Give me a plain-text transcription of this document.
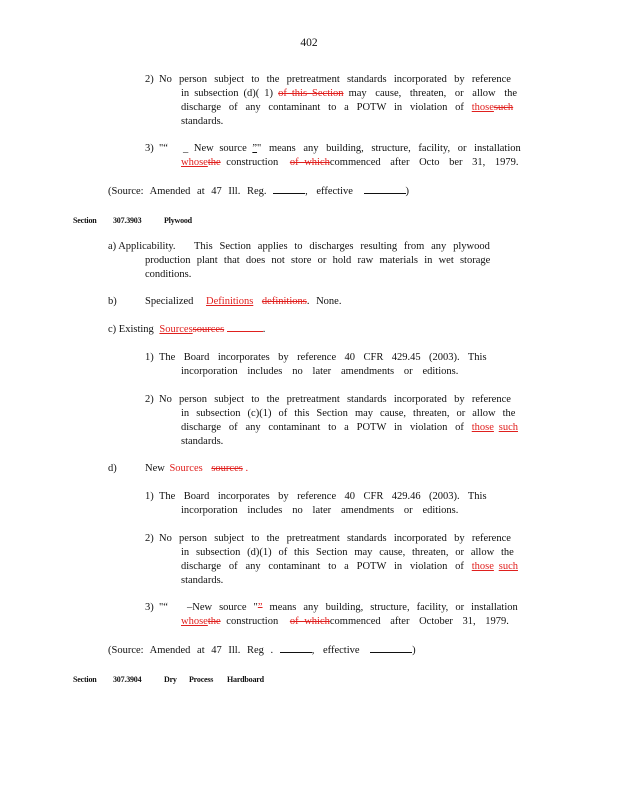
402
2) No person subject to the pretreatment standards incorporated by reference
in subsection (d)( 1) of this Section may cause, threaten, or allow the
discharge of any contaminant to a POTW in violation of thosesuch
standards.
3) "“ _ New source ”" means any building, structure, facility, or installation
whosethe construction of whichcommenced after Octo ber 31, 1979.
(Source: Amended at 47 Ill. Reg.	, effective	)
Section 307.3903	Plywood
a) Applicability. This Section applies to discharges resulting from any plywood
production plant that does not store or hold raw materials in wet storage
conditions.
b)	Specialized Definitions definitions. None.
c) Existing Sourcessources	.
1) The Board incorporates by reference 40 CFR 429.45 (2003). This
incorporation includes no later amendments or editions.
2) No person subject to the pretreatment standards incorporated by reference
in subsection (c)(1) of this Section may cause, threaten, or allow the
discharge of any contaminant to a POTW in violation of those such
standards.
d)	New Sources sources .
1) The Board incorporates by reference 40 CFR 429.46 (2003). This
incorporation includes no later amendments or editions.
2) No person subject to the pretreatment standards incorporated by reference
in subsection (d)(1) of this Section may cause, threaten, or allow the
discharge of any contaminant to a POTW in violation of those such
standards.
3) "“ –New source "” means any building, structure, facility, or installation
whosethe construction of whichcommenced after October 31, 1979.
(Source: Amended at 47 Ill. Reg .	, effective	)
Section 307.3904	Dry Process Hardboard
